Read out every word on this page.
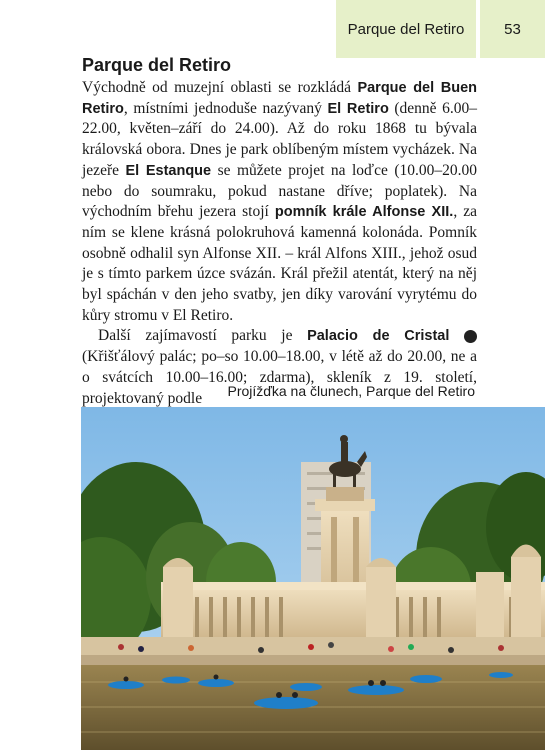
Parque del Retiro	53
Parque del Retiro

Východně od muzejní oblasti se rozkládá Parque del Buen Retiro, místními jednoduše nazývaný El Retiro (denně 6.00–22.00, květen–září do 24.00). Až do roku 1868 tu bývala královská obora. Dnes je park oblíbeným místem vycházek. Na jezeře El Estanque se můžete projet na loďce (10.00–20.00 nebo do soumraku, pokud nastane dříve; poplatek). Na východním břehu jezera stojí pomník krále Alfonse XII., za ním se klene krásná polokruhová kamenná kolonáda. Pomník osobně odhalil syn Alfonse XII. – král Alfons XIII., jehož osud je s tímto parkem úzce svázán. Král přežil atentát, který na něj byl spáchán v den jeho svatby, jen díky varování vyrytému do kůry stromu v El Retiro.

Další zajímavostí parku je Palacio de Cristal	21 (Křišťálový palác; po–so 10.00–18.00, v létě až do 20.00, ne a o svátcích 10.00–16.00; zdarma), skleník z 19. století, projektovaný podle	Projížďka na člunech, Parque del Retiro
